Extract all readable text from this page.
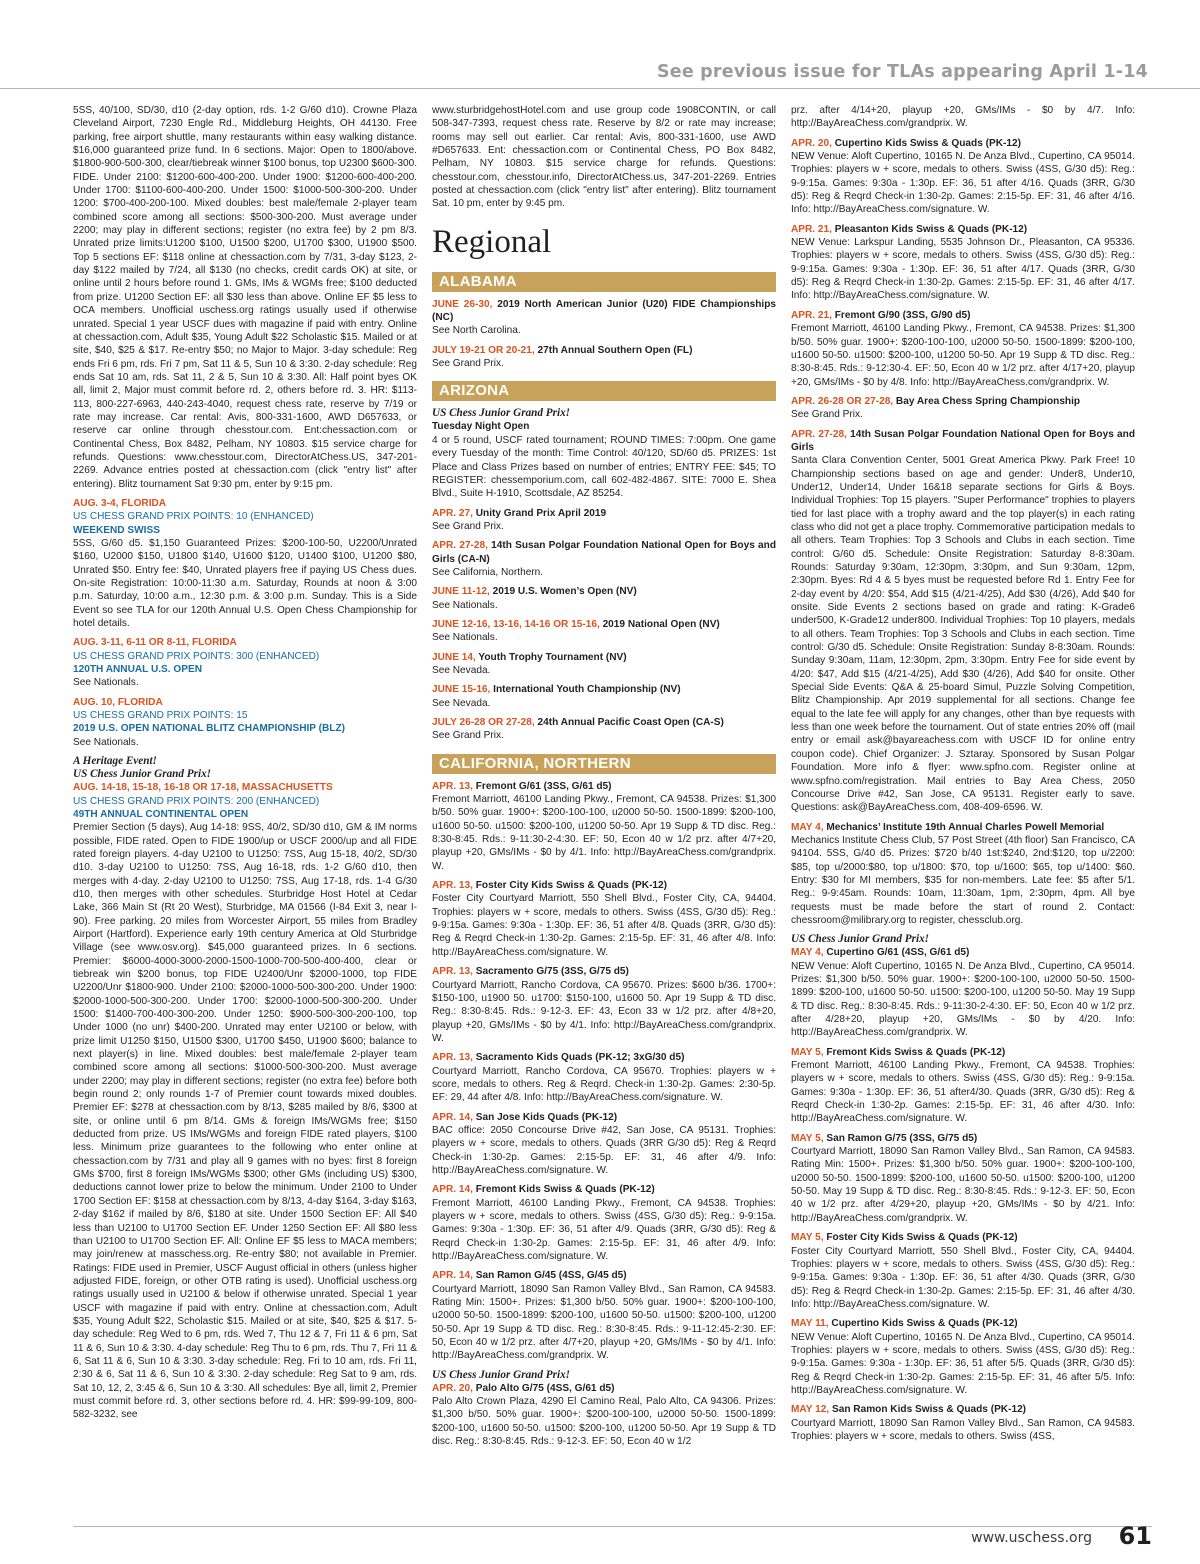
See previous issue for TLAs appearing April 1-14

5SS, 40/100, SD/30, d10 (2-day option, rds. 1-2 G/60 d10). Crowne Plaza Cleveland Airport, 7230 Engle Rd., Middleburg Heights, OH 44130. Free parking, free airport shuttle, many restaurants within easy walking distance. $16,000 guaranteed prize fund. In 6 sections. Major: Open to 1800/above. $1800-900-500-300, clear/tiebreak winner $100 bonus, top U2300 $600-300. FIDE. Under 2100: $1200-600-400-200. Under 1900: $1200-600-400-200. Under 1700: $1100-600-400-200. Under 1500: $1000-500-300-200. Under 1200: $700-400-200-100. Mixed doubles: best male/female 2-player team combined score among all sections: $500-300-200. Must average under 2200; may play in different sections; register (no extra fee) by 2 pm 8/3. Unrated prize limits:U1200 $100, U1500 $200, U1700 $300, U1900 $500. Top 5 sections EF: $118 online at chessaction.com by 7/31, 3-day $123, 2-day $122 mailed by 7/24, all $130 (no checks, credit cards OK) at site, or online until 2 hours before round 1. GMs, IMs & WGMs free; $100 deducted from prize. U1200 Section EF: all $30 less than above. Online EF $5 less to OCA members. Unofficial uschess.org ratings usually used if otherwise unrated. Special 1 year USCF dues with magazine if paid with entry. Online at chessaction.com, Adult $35, Young Adult $22 Scholastic $15. Mailed or at site, $40, $25 & $17. Re-entry $50; no Major to Major. 3-day schedule: Reg ends Fri 6 pm, rds. Fri 7 pm, Sat 11 & 5, Sun 10 & 3:30. 2-day schedule: Reg ends Sat 10 am, rds. Sat 11, 2 & 5, Sun 10 & 3:30. All: Half point byes OK all, limit 2, Major must commit before rd. 2, others before rd. 3. HR: $113-113, 800-227-6963, 440-243-4040, request chess rate, reserve by 7/19 or rate may increase. Car rental: Avis, 800-331-1600, AWD D657633, or reserve car online through chesstour.com. Ent:chessaction.com or Continental Chess, Box 8482, Pelham, NY 10803. $15 service charge for refunds. Questions: www.chesstour.com, DirectorAtChess.US, 347-201-2269. Advance entries posted at chessaction.com (click "entry list" after entering). Blitz tournament Sat 9:30 pm, enter by 9:15 pm.

AUG. 3-4, FLORIDA
US CHESS GRAND PRIX POINTS: 10 (ENHANCED)
WEEKEND SWISS

5SS, G/60 d5. $1,150 Guaranteed Prizes: $200-100-50, U2200/Unrated $160, U2000 $150, U1800 $140, U1600 $120, U1400 $100, U1200 $80, Unrated $50. Entry fee: $40, Unrated players free if paying US Chess dues. On-site Registration: 10:00-11:30 a.m. Saturday, Rounds at noon & 3:00 p.m. Saturday, 10:00 a.m., 12:30 p.m. & 3:00 p.m. Sunday. This is a Side Event so see TLA for our 120th Annual U.S. Open Chess Championship for hotel details.

AUG. 3-11, 6-11 OR 8-11, FLORIDA
US CHESS GRAND PRIX POINTS: 300 (ENHANCED)
120TH ANNUAL U.S. OPEN

See Nationals.

AUG. 10, FLORIDA
US CHESS GRAND PRIX POINTS: 15
2019 U.S. OPEN NATIONAL BLITZ CHAMPIONSHIP (BLZ)

See Nationals.

A Heritage Event!
US Chess Junior Grand Prix!
AUG. 14-18, 15-18, 16-18 OR 17-18, MASSACHUSETTS
US CHESS GRAND PRIX POINTS: 200 (ENHANCED)
49TH ANNUAL CONTINENTAL OPEN

Premier Section (5 days), Aug 14-18: 9SS, 40/2, SD/30 d10, GM & IM norms possible, FIDE rated. Open to FIDE 1900/up or USCF 2000/up and all FIDE rated foreign players. 4-day U2100 to U1250: 7SS, Aug 15-18, 40/2, SD/30 d10. 3-day U2100 to U1250: 7SS, Aug 16-18, rds. 1-2 G/60 d10, then merges with 4-day. 2-day U2100 to U1250: 7SS, Aug 17-18, rds. 1-4 G/30 d10, then merges with other schedules. Sturbridge Host Hotel at Cedar Lake, 366 Main St (Rt 20 West), Sturbridge, MA 01566 (I-84 Exit 3, near I-90). Free parking. 20 miles from Worcester Airport, 55 miles from Bradley Airport (Hartford). Experience early 19th century America at Old Sturbridge Village (see www.osv.org). $45,000 guaranteed prizes. In 6 sections. Premier: $6000-4000-3000-2000-1500-1000-700-500-400-400, clear or tiebreak win $200 bonus, top FIDE U2400/Unr $2000-1000, top FIDE U2200/Unr $1800-900. Under 2100: $2000-1000-500-300-200. Under 1900: $2000-1000-500-300-200. Under 1700: $2000-1000-500-300-200. Under 1500: $1400-700-400-300-200. Under 1250: $900-500-300-200-100, top Under 1000 (no unr) $400-200. Unrated may enter U2100 or below, with prize limit U1250 $150, U1500 $300, U1700 $450, U1900 $600; balance to next player(s) in line. Mixed doubles: best male/female 2-player team combined score among all sections: $1000-500-300-200. Must average under 2200; may play in different sections; register (no extra fee) before both begin round 2; only rounds 1-7 of Premier count towards mixed doubles. Premier EF: $278 at chessaction.com by 8/13, $285 mailed by 8/6, $300 at site, or online until 6 pm 8/14. GMs & foreign IMs/WGMs free; $150 deducted from prize. US IMs/WGMs and foreign FIDE rated players, $100 less. Minimum prize guarantees to the following who enter online at chessaction.com by 7/31 and play all 9 games with no byes: first 8 foreign GMs $700, first 8 foreign IMs/WGMs $300; other GMs (including US) $300, deductions cannot lower prize to below the minimum. Under 2100 to Under 1700 Section EF: $158 at chessaction.com by 8/13, 4-day $164, 3-day $163, 2-day $162 if mailed by 8/6, $180 at site. Under 1500 Section EF: All $40 less than U2100 to U1700 Section EF. Under 1250 Section EF: All $80 less than U2100 to U1700 Section EF. All: Online EF $5 less to MACA members; may join/renew at masschess.org. Re-entry $80; not available in Premier. Ratings: FIDE used in Premier, USCF August official in others (unless higher adjusted FIDE, foreign, or other OTB rating is used). Unofficial uschess.org ratings usually used in U2100 & below if otherwise unrated. Special 1 year USCF with magazine if paid with entry. Online at chessaction.com, Adult $35, Young Adult $22, Scholastic $15. Mailed or at site, $40, $25 & $17. 5-day schedule: Reg Wed to 6 pm, rds. Wed 7, Thu 12 & 7, Fri 11 & 6 pm, Sat 11 & 6, Sun 10 & 3:30. 4-day schedule: Reg Thu to 6 pm, rds. Thu 7, Fri 11 & 6, Sat 11 & 6, Sun 10 & 3:30. 3-day schedule: Reg. Fri to 10 am, rds. Fri 11, 2:30 & 6, Sat 11 & 6, Sun 10 & 3:30. 2-day schedule: Reg Sat to 9 am, rds. Sat 10, 12, 2, 3:45 & 6, Sun 10 & 3:30. All schedules: Bye all, limit 2, Premier must commit before rd. 3, other sections before rd. 4. HR: $99-99-109, 800-582-3232, see

www.sturbridgehostHotel.com and use group code 1908CONTIN, or call 508-347-7393, request chess rate. Reserve by 8/2 or rate may increase; rooms may sell out earlier. Car rental: Avis, 800-331-1600, use AWD #D657633. Ent: chessaction.com or Continental Chess, PO Box 8482, Pelham, NY 10803. $15 service charge for refunds. Questions: chesstour.com, chesstour.info, DirectorAtChess.us, 347-201-2269. Entries posted at chessaction.com (click "entry list" after entering). Blitz tournament Sat. 10 pm, enter by 9:45 pm.

Regional
ALABAMA
JUNE 26-30, 2019 North American Junior (U20) FIDE Championships (NC)

See North Carolina.

JULY 19-21 OR 20-21, 27th Annual Southern Open (FL)

See Grand Prix.

ARIZONA
US Chess Junior Grand Prix!
Tuesday Night Open

4 or 5 round, USCF rated tournament; ROUND TIMES: 7:00pm. One game every Tuesday of the month: Time Control: 40/120, SD/60 d5. PRIZES: 1st Place and Class Prizes based on number of entries; ENTRY FEE: $45; TO REGISTER: chessemporium.com, call 602-482-4867. SITE: 7000 E. Shea Blvd., Suite H-1910, Scottsdale, AZ 85254.

APR. 27, Unity Grand Prix April 2019

See Grand Prix.

APR. 27-28, 14th Susan Polgar Foundation National Open for Boys and Girls (CA-N)

See California, Northern.

JUNE 11-12, 2019 U.S. Women’s Open (NV)

See Nationals.

JUNE 12-16, 13-16, 14-16 OR 15-16, 2019 National Open (NV)

See Nationals.

JUNE 14, Youth Trophy Tournament (NV)

See Nevada.

JUNE 15-16, International Youth Championship (NV)

See Nevada.

JULY 26-28 OR 27-28, 24th Annual Pacific Coast Open (CA-S)

See Grand Prix.

CALIFORNIA, NORTHERN
APR. 13, Fremont G/61 (3SS, G/61 d5)

Fremont Marriott, 46100 Landing Pkwy., Fremont, CA 94538. Prizes: $1,300 b/50. 50% guar. 1900+: $200-100-100, u2000 50-50. 1500-1899: $200-100, u1600 50-50. u1500: $200-100, u1200 50-50. Apr 19 Supp & TD disc. Reg.: 8:30-8:45. Rds.: 9-11:30-2-4:30. EF: 50, Econ 40 w 1/2 prz. after 4/7+20, playup +20, GMs/IMs - $0 by 4/1. Info: http://BayAreaChess.com/grandprix. W.

APR. 13, Foster City Kids Swiss & Quads (PK-12)

Foster City Courtyard Marriott, 550 Shell Blvd., Foster City, CA, 94404. Trophies: players w + score, medals to others. Swiss (4SS, G/30 d5): Reg.: 9-9:15a. Games: 9:30a - 1:30p. EF: 36, 51 after 4/8. Quads (3RR, G/30 d5): Reg & Reqrd Check-in 1:30-2p. Games: 2:15-5p. EF: 31, 46 after 4/8. Info: http://BayAreaChess.com/signature. W.

APR. 13, Sacramento G/75 (3SS, G/75 d5)

Courtyard Marriott, Rancho Cordova, CA 95670. Prizes: $600 b/36. 1700+: $150-100, u1900 50. u1700: $150-100, u1600 50. Apr 19 Supp & TD disc. Reg.: 8:30-8:45. Rds.: 9-12-3. EF: 43, Econ 33 w 1/2 prz. after 4/8+20, playup +20, GMs/IMs - $0 by 4/1. Info: http://BayAreaChess.com/grandprix. W.

APR. 13, Sacramento Kids Quads (PK-12; 3xG/30 d5)

Courtyard Marriott, Rancho Cordova, CA 95670. Trophies: players w + score, medals to others. Reg & Reqrd. Check-in 1:30-2p. Games: 2:30-5p. EF: 29, 44 after 4/8. Info: http://BayAreaChess.com/signature. W.

APR. 14, San Jose Kids Quads (PK-12)

BAC office: 2050 Concourse Drive #42, San Jose, CA 95131. Trophies: players w + score, medals to others. Quads (3RR G/30 d5): Reg & Reqrd Check-in 1:30-2p. Games: 2:15-5p. EF: 31, 46 after 4/9. Info: http://BayAreaChess.com/signature. W.

APR. 14, Fremont Kids Swiss & Quads (PK-12)

Fremont Marriott, 46100 Landing Pkwy., Fremont, CA 94538. Trophies: players w + score, medals to others. Swiss (4SS, G/30 d5): Reg.: 9-9:15a. Games: 9:30a - 1:30p. EF: 36, 51 after 4/9. Quads (3RR, G/30 d5): Reg & Reqrd Check-in 1:30-2p. Games: 2:15-5p. EF: 31, 46 after 4/9. Info: http://BayAreaChess.com/signature. W.

APR. 14, San Ramon G/45 (4SS, G/45 d5)

Courtyard Marriott, 18090 San Ramon Valley Blvd., San Ramon, CA 94583. Rating Min: 1500+. Prizes: $1,300 b/50. 50% guar. 1900+: $200-100-100, u2000 50-50. 1500-1899: $200-100, u1600 50-50. u1500: $200-100, u1200 50-50. Apr 19 Supp & TD disc. Reg.: 8:30-8:45. Rds.: 9-11-12:45-2:30. EF: 50, Econ 40 w 1/2 prz. after 4/7+20, playup +20, GMs/IMs - $0 by 4/1. Info: http://BayAreaChess.com/grandprix. W.

US Chess Junior Grand Prix!
APR. 20, Palo Alto G/75 (4SS, G/61 d5)

Palo Alto Crown Plaza, 4290 El Camino Real, Palo Alto, CA 94306. Prizes: $1,300 b/50. 50% guar. 1900+: $200-100-100, u2000 50-50. 1500-1899: $200-100, u1600 50-50. u1500: $200-100, u1200 50-50. Apr 19 Supp & TD disc. Reg.: 8:30-8:45. Rds.: 9-12-3. EF: 50, Econ 40 w 1/2

prz. after 4/14+20, playup +20, GMs/IMs - $0 by 4/7. Info: http://BayAreaChess.com/grandprix. W.

APR. 20, Cupertino Kids Swiss & Quads (PK-12)

NEW Venue: Aloft Cupertino, 10165 N. De Anza Blvd., Cupertino, CA 95014. Trophies: players w + score, medals to others. Swiss (4SS, G/30 d5): Reg.: 9-9:15a. Games: 9:30a - 1:30p. EF: 36, 51 after 4/16. Quads (3RR, G/30 d5): Reg & Reqrd Check-in 1:30-2p. Games: 2:15-5p. EF: 31, 46 after 4/16. Info: http://BayAreaChess.com/signature. W.

APR. 21, Pleasanton Kids Swiss & Quads (PK-12)

NEW Venue: Larkspur Landing, 5535 Johnson Dr., Pleasanton, CA 95336. Trophies: players w + score, medals to others. Swiss (4SS, G/30 d5): Reg.: 9-9:15a. Games: 9:30a - 1:30p. EF: 36, 51 after 4/17. Quads (3RR, G/30 d5): Reg & Reqrd Check-in 1:30-2p. Games: 2:15-5p. EF: 31, 46 after 4/17. Info: http://BayAreaChess.com/signature. W.

APR. 21, Fremont G/90 (3SS, G/90 d5)

Fremont Marriott, 46100 Landing Pkwy., Fremont, CA 94538. Prizes: $1,300 b/50. 50% guar. 1900+: $200-100-100, u2000 50-50. 1500-1899: $200-100, u1600 50-50. u1500: $200-100, u1200 50-50. Apr 19 Supp & TD disc. Reg.: 8:30-8:45. Rds.: 9-12:30-4. EF: 50, Econ 40 w 1/2 prz. after 4/17+20, playup +20, GMs/IMs - $0 by 4/8. Info: http://BayAreaChess.com/grandprix. W.

APR. 26-28 OR 27-28, Bay Area Chess Spring Championship

See Grand Prix.

APR. 27-28, 14th Susan Polgar Foundation National Open for Boys and Girls

Santa Clara Convention Center, 5001 Great America Pkwy. Park Free! 10 Championship sections based on age and gender: Under8, Under10, Under12, Under14, Under 16&18 separate sections for Girls & Boys. Individual Trophies: Top 15 players. "Super Performance" trophies to players tied for last place with a trophy award and the top player(s) in each rating class who did not get a place trophy. Commemorative participation medals to all others. Team Trophies: Top 3 Schools and Clubs in each section. Time control: G/60 d5. Schedule: Onsite Registration: Saturday 8-8:30am. Rounds: Saturday 9:30am, 12:30pm, 3:30pm, and Sun 9:30am, 12pm, 2:30pm. Byes: Rd 4 & 5 byes must be requested before Rd 1. Entry Fee for 2-day event by 4/20: $54, Add $15 (4/21-4/25), Add $30 (4/26), Add $40 for onsite. Side Events 2 sections based on grade and rating: K-Grade6 under500, K-Grade12 under800. Individual Trophies: Top 10 players, medals to all others. Team Trophies: Top 3 Schools and Clubs in each section. Time control: G/30 d5. Schedule: Onsite Registration: Sunday 8-8:30am. Rounds: Sunday 9:30am, 11am, 12:30pm, 2pm, 3:30pm. Entry Fee for side event by 4/20: $47, Add $15 (4/21-4/25), Add $30 (4/26), Add $40 for onsite. Other Special Side Events: Q&A & 25-board Simul, Puzzle Solving Competition, Blitz Championship. Apr 2019 supplemental for all sections. Change fee equal to the late fee will apply for any changes, other than bye requests with less than one week before the tournament. Out of state entries 20% off (mail entry or email ask@bayareachess.com with USCF ID for online entry coupon code). Chief Organizer: J. Sztaray. Sponsored by Susan Polgar Foundation. More info & flyer: www.spfno.com. Register online at www.spfno.com/registration. Mail entries to Bay Area Chess, 2050 Concourse Drive #42, San Jose, CA 95131. Register early to save. Questions: ask@BayAreaChess.com, 408-409-6596. W.

MAY 4, Mechanics’ Institute 19th Annual Charles Powell Memorial

Mechanics Institute Chess Club, 57 Post Street (4th floor) San Francisco, CA 94104. 5SS, G/40 d5. Prizes: $720 b/40 1st:$240, 2nd:$120, top u/2200: $85, top u/2000:$80, top u/1800: $70, top u/1600: $65, top u/1400: $60. Entry: $30 for MI members, $35 for non-members. Late fee: $5 after 5/1. Reg.: 9-9:45am. Rounds: 10am, 11:30am, 1pm, 2:30pm, 4pm. All bye requests must be made before the start of round 2. Contact: chessroom@milibrary.org to register, chessclub.org.

US Chess Junior Grand Prix!
MAY 4, Cupertino G/61 (4SS, G/61 d5)

NEW Venue: Aloft Cupertino, 10165 N. De Anza Blvd., Cupertino, CA 95014. Prizes: $1,300 b/50. 50% guar. 1900+: $200-100-100, u2000 50-50. 1500-1899: $200-100, u1600 50-50. u1500: $200-100, u1200 50-50. May 19 Supp & TD disc. Reg.: 8:30-8:45. Rds.: 9-11:30-2-4:30. EF: 50, Econ 40 w 1/2 prz. after 4/28+20, playup +20, GMs/IMs - $0 by 4/20. Info: http://BayAreaChess.com/grandprix. W.

MAY 5, Fremont Kids Swiss & Quads (PK-12)

Fremont Marriott, 46100 Landing Pkwy., Fremont, CA 94538. Trophies: players w + score, medals to others. Swiss (4SS, G/30 d5): Reg.: 9-9:15a. Games: 9:30a - 1:30p. EF: 36, 51 after4/30. Quads (3RR, G/30 d5): Reg & Reqrd Check-in 1:30-2p. Games: 2:15-5p. EF: 31, 46 after 4/30. Info: http://BayAreaChess.com/signature. W.

MAY 5, San Ramon G/75 (3SS, G/75 d5)

Courtyard Marriott, 18090 San Ramon Valley Blvd., San Ramon, CA 94583. Rating Min: 1500+. Prizes: $1,300 b/50. 50% guar. 1900+: $200-100-100, u2000 50-50. 1500-1899: $200-100, u1600 50-50. u1500: $200-100, u1200 50-50. May 19 Supp & TD disc. Reg.: 8:30-8:45. Rds.: 9-12-3. EF: 50, Econ 40 w 1/2 prz. after 4/29+20, playup +20, GMs/IMs - $0 by 4/21. Info: http://BayAreaChess.com/grandprix. W.

MAY 5, Foster City Kids Swiss & Quads (PK-12)

Foster City Courtyard Marriott, 550 Shell Blvd., Foster City, CA, 94404. Trophies: players w + score, medals to others. Swiss (4SS, G/30 d5): Reg.: 9-9:15a. Games: 9:30a - 1:30p. EF: 36, 51 after 4/30. Quads (3RR, G/30 d5): Reg & Reqrd Check-in 1:30-2p. Games: 2:15-5p. EF: 31, 46 after 4/30. Info: http://BayAreaChess.com/signature. W.

MAY 11, Cupertino Kids Swiss & Quads (PK-12)

NEW Venue: Aloft Cupertino, 10165 N. De Anza Blvd., Cupertino, CA 95014. Trophies: players w + score, medals to others. Swiss (4SS, G/30 d5): Reg.: 9-9:15a. Games: 9:30a - 1:30p. EF: 36, 51 after 5/5. Quads (3RR, G/30 d5): Reg & Reqrd Check-in 1:30-2p. Games: 2:15-5p. EF: 31, 46 after 5/5. Info: http://BayAreaChess.com/signature. W.

MAY 12, San Ramon Kids Swiss & Quads (PK-12)

Courtyard Marriott, 18090 San Ramon Valley Blvd., San Ramon, CA 94583. Trophies: players w + score, medals to others. Swiss (4SS,

www.uschess.org 61
